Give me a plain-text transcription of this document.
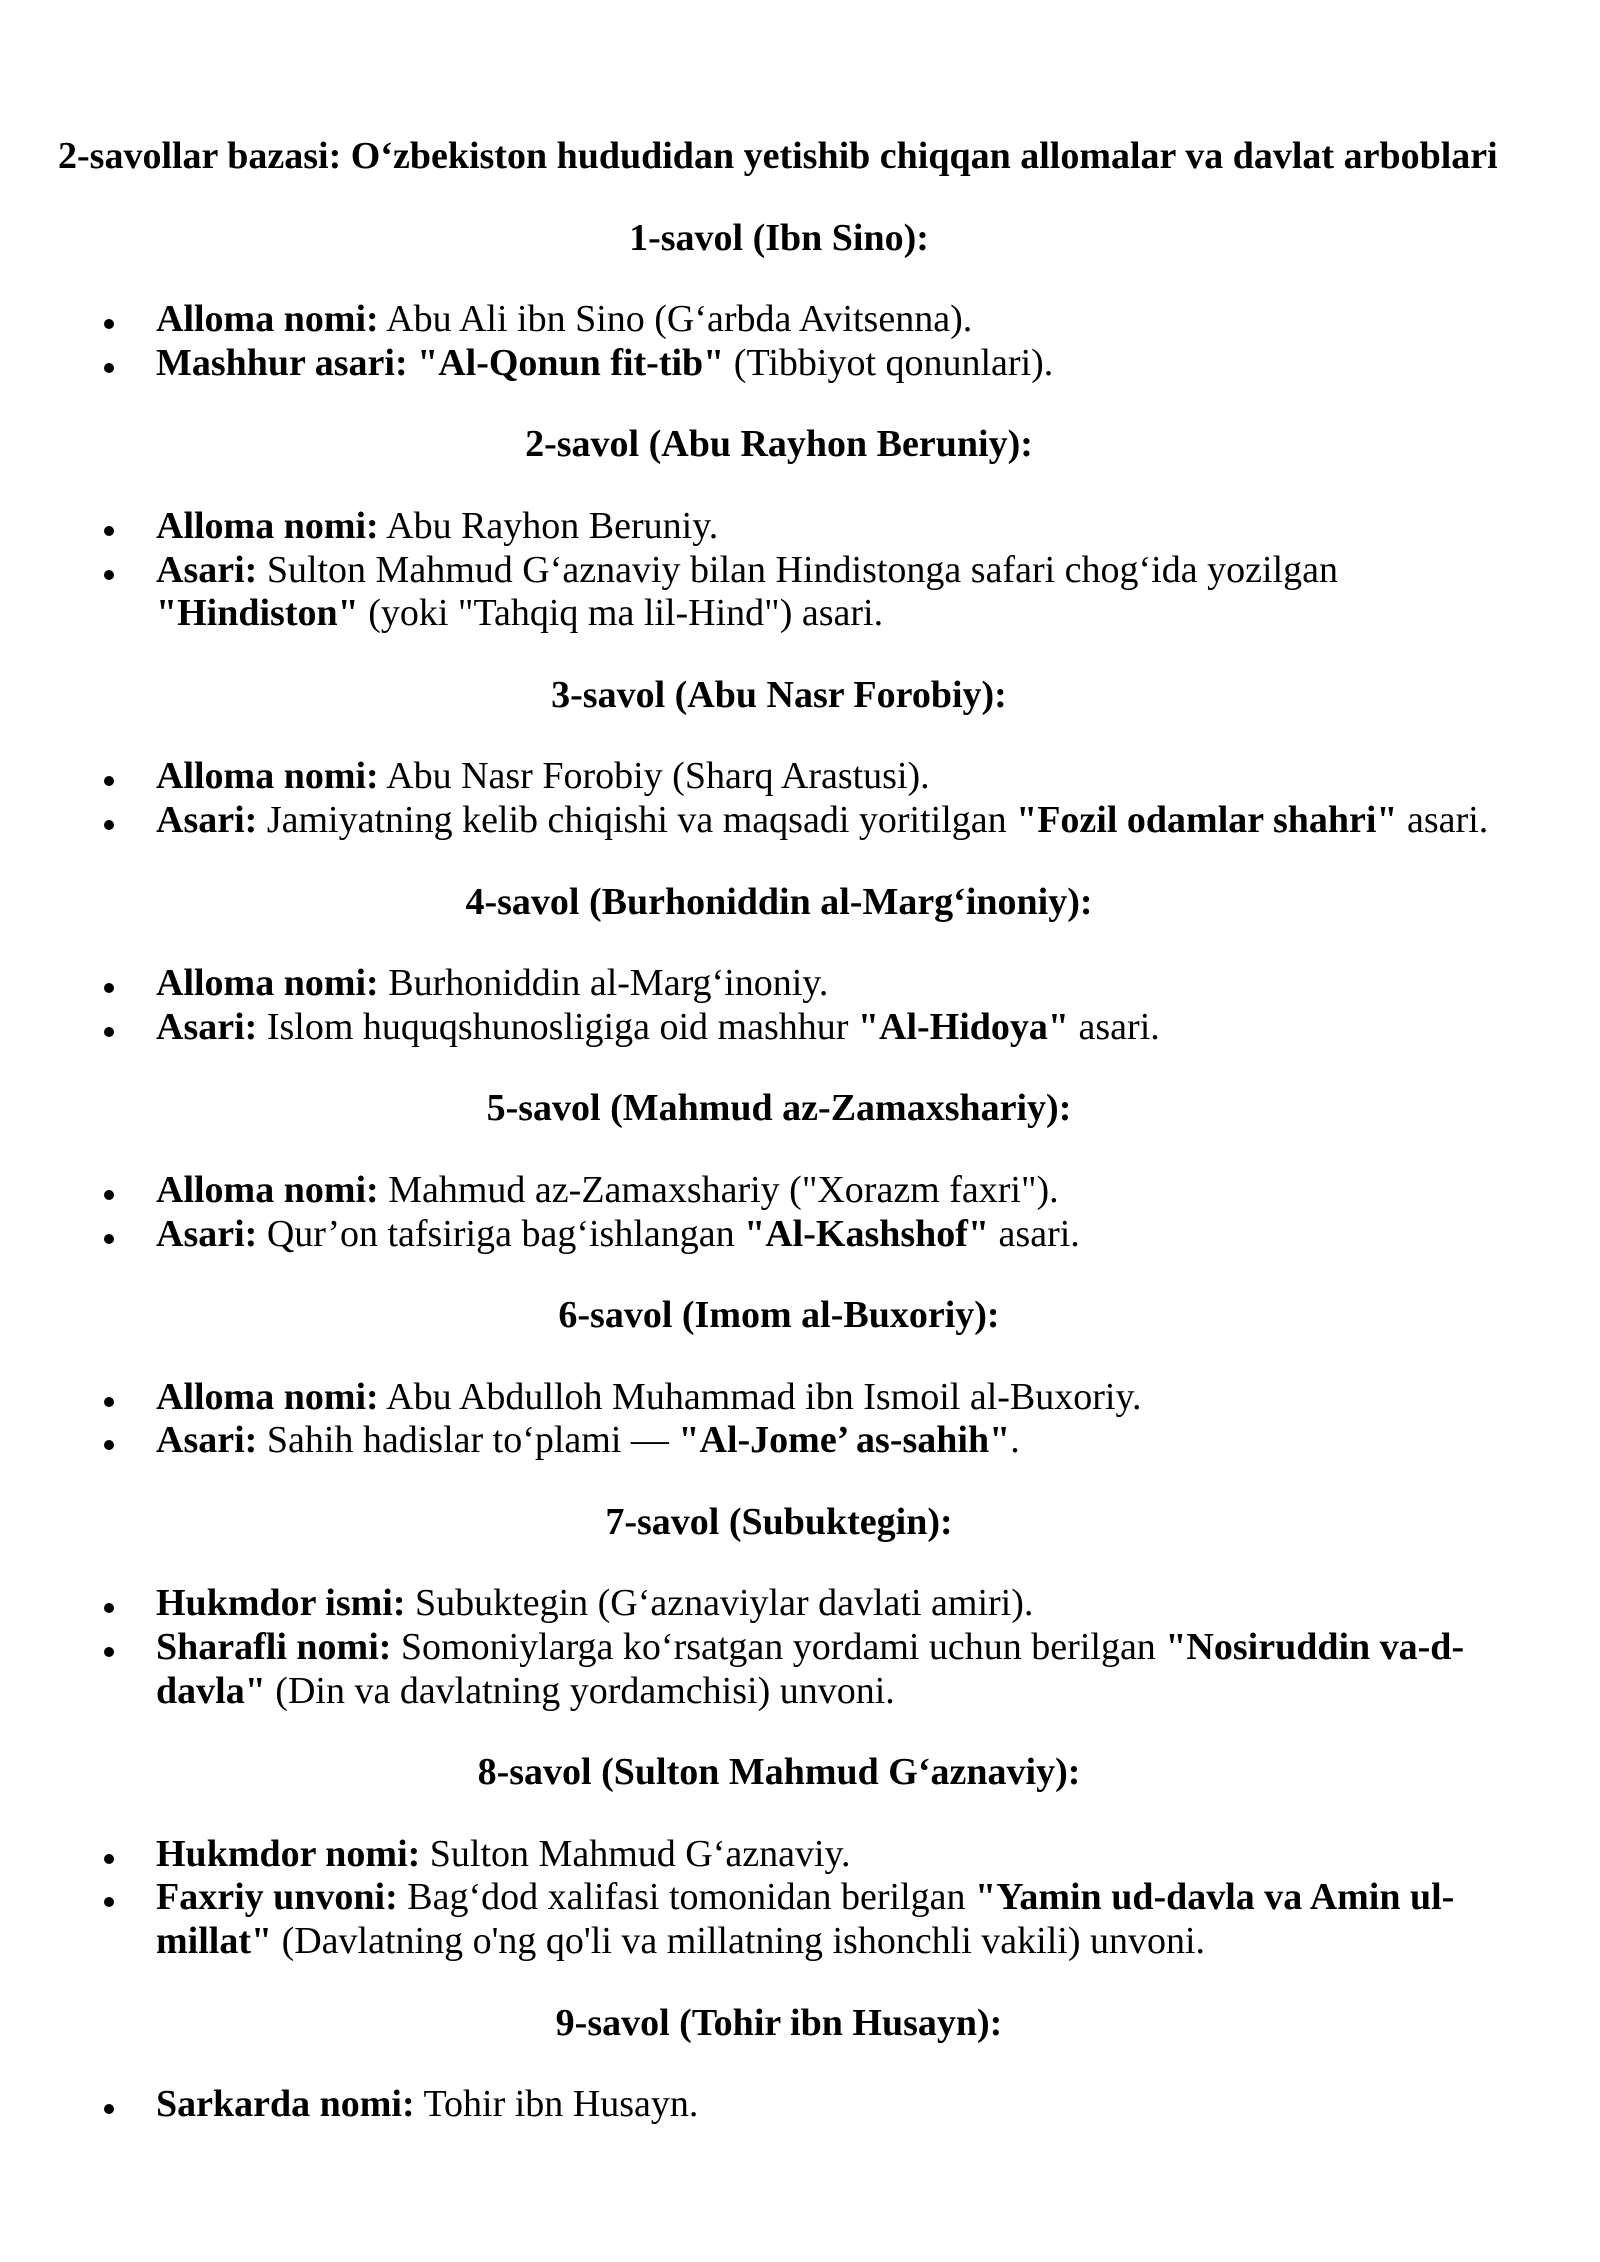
2-savollar bazasi: O‘zbekiston hududidan yetishib chiqqan allomalar va davlat arboblari
1-savol (Ibn Sino):
Alloma nomi: Abu Ali ibn Sino (G‘arbda Avitsenna).
Mashhur asari: "Al-Qonun fit-tib" (Tibbiyot qonunlari).
2-savol (Abu Rayhon Beruniy):
Alloma nomi: Abu Rayhon Beruniy.
Asari: Sulton Mahmud G‘aznaviy bilan Hindistonga safari chog‘ida yozilgan "Hindiston" (yoki "Tahqiq ma lil-Hind") asari.
3-savol (Abu Nasr Forobiy):
Alloma nomi: Abu Nasr Forobiy (Sharq Arastusi).
Asari: Jamiyatning kelib chiqishi va maqsadi yoritilgan "Fozil odamlar shahri" asari.
4-savol (Burhoniddin al-Marg‘inoniy):
Alloma nomi: Burhoniddin al-Marg‘inoniy.
Asari: Islom huquqshunosligiga oid mashhur "Al-Hidoya" asari.
5-savol (Mahmud az-Zamaxshariy):
Alloma nomi: Mahmud az-Zamaxshariy ("Xorazm faxri").
Asari: Qur’on tafsiriga bag‘ishlangan "Al-Kashshof" asari.
6-savol (Imom al-Buxoriy):
Alloma nomi: Abu Abdulloh Muhammad ibn Ismoil al-Buxoriy.
Asari: Sahih hadislar to‘plami — "Al-Jome’ as-sahih".
7-savol (Subuktegin):
Hukmdor ismi: Subuktegin (G‘aznaviylar davlati amiri).
Sharafli nomi: Somoniylarga ko‘rsatgan yordami uchun berilgan "Nosiruddin va-d-davla" (Din va davlatning yordamchisi) unvoni.
8-savol (Sulton Mahmud G‘aznaviy):
Hukmdor nomi: Sulton Mahmud G‘aznaviy.
Faxriy unvoni: Bag‘dod xalifasi tomonidan berilgan "Yamin ud-davla va Amin ul-millat" (Davlatning o'ng qo'li va millatning ishonchli vakili) unvoni.
9-savol (Tohir ibn Husayn):
Sarkarda nomi: Tohir ibn Husayn.
